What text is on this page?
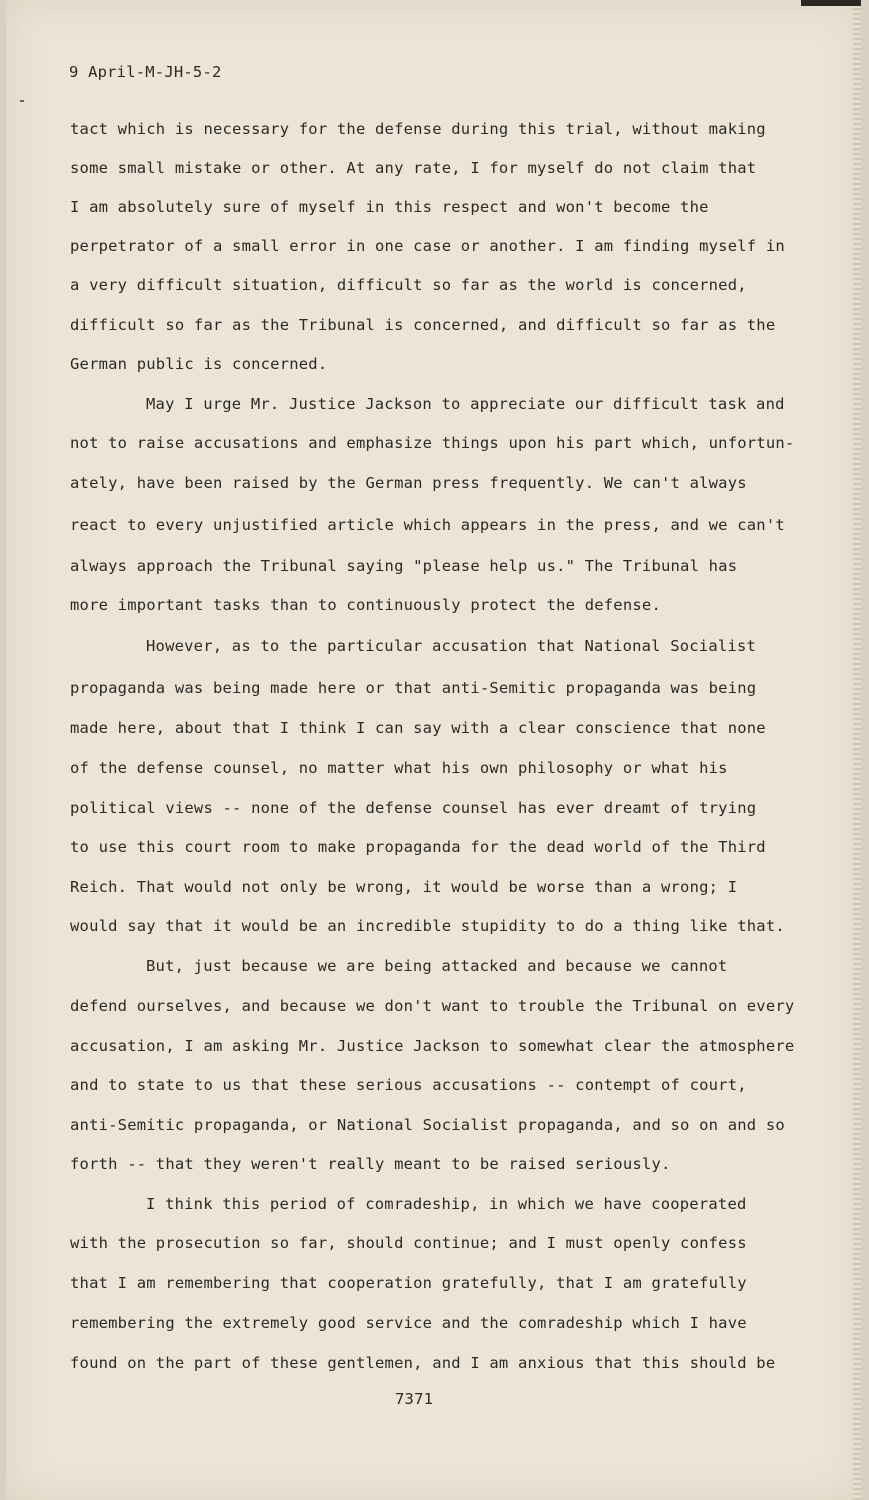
9 April-M-JH-5-2
tact which is necessary for the defense during this trial, without making
some small mistake or other. At any rate, I for myself do not claim that
I am absolutely sure of myself in this respect and won't become the
perpetrator of a small error in one case or another. I am finding myself in
a very difficult situation, difficult so far as the world is concerned,
difficult so far as the Tribunal is concerned, and difficult so far as the
German public is concerned.
May I urge Mr. Justice Jackson to appreciate our difficult task and
not to raise accusations and emphasize things upon his part which, unfortun-
ately, have been raised by the German press frequently. We can't always
react to every unjustified article which appears in the press, and we can't
always approach the Tribunal saying "please help us." The Tribunal has
more important tasks than to continuously protect the defense.
However, as to the particular accusation that National Socialist
propaganda was being made here or that anti-Semitic propaganda was being
made here, about that I think I can say with a clear conscience that none
of the defense counsel, no matter what his own philosophy or what his
political views -- none of the defense counsel has ever dreamt of trying
to use this court room to make propaganda for the dead world of the Third
Reich. That would not only be wrong, it would be worse than a wrong; I
would say that it would be an incredible stupidity to do a thing like that.
But, just because we are being attacked and because we cannot
defend ourselves, and because we don't want to trouble the Tribunal on every
accusation, I am asking Mr. Justice Jackson to somewhat clear the atmosphere
and to state to us that these serious accusations -- contempt of court,
anti-Semitic propaganda, or National Socialist propaganda, and so on and so
forth -- that they weren't really meant to be raised seriously.
I think this period of comradeship, in which we have cooperated
with the prosecution so far, should continue; and I must openly confess
that I am remembering that cooperation gratefully, that I am gratefully
remembering the extremely good service and the comradeship which I have
found on the part of these gentlemen, and I am anxious that this should be
7371
